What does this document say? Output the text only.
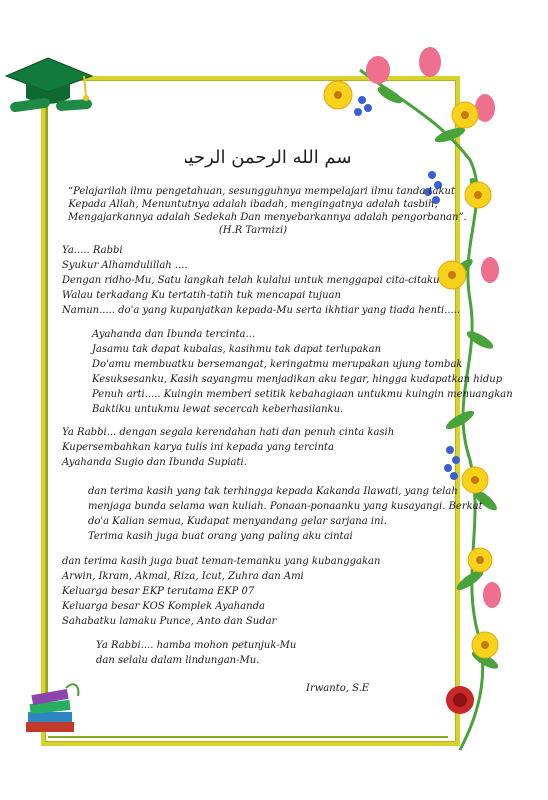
بسم الله الرحمن الرحيم
“Pelajarilah ilmu pengetahuan, sesungguhnya mempelajari ilmu tanda takut
Kepada Allah, Menuntutnya adalah ibadah, mengingatnya adalah tasbih,
Mengajarkannya adalah Sedekah Dan menyebarkannya adalah pengorbanan”.
(H.R Tarmizi)
Ya..... Rabbi
Syukur Alhamdulillah ....
Dengan ridho-Mu, Satu langkah telah kulalui untuk menggapai cita-citaku
Walau terkadang Ku tertatih-tatih tuk mencapai tujuan
Namun..... do'a yang kupanjatkan kepada-Mu serta ikhtiar yang tiada henti.....
Ayahanda dan Ibunda tercinta...
Jasamu tak dapat kubalas, kasihmu tak dapat terlupakan
Do'amu membuatku bersemangat, keringatmu merupakan ujung tombak
Kesuksesanku, Kasih sayangmu menjadikan aku tegar, hingga kudapatkan hidup
Penuh arti..... Kuingin memberi setitik kebahagiaan untukmu kuingin menuangkan
Baktiku untukmu lewat secercah keberhasilanku.
Ya Rabbi... dengan segala kerendahan hati dan penuh cinta kasih
Kupersembahkan karya tulis ini kepada yang tercinta
Ayahanda Sugio dan Ibunda Supiati.
dan terima kasih yang tak terhingga kepada Kakanda Ilawati, yang telah
menjaga bunda selama wan kuliah. Ponaan-ponaanku yang kusayangi. Berkat
do'a Kalian semua, Kudapat menyandang gelar sarjana ini.
Terima kasih juga buat orang yang paling aku cintai
dan terima kasih juga buat teman-temanku yang kubanggakan
Arwin, Ikram, Akmal, Riza, Icut, Zuhra dan Ami
Keluarga besar EKP terutama EKP 07
Keluarga besar KOS Komplek Ayahanda
Sahabatku lamaku Punce, Anto dan Sudar
Ya Rabbi.... hamba mohon petunjuk-Mu
dan selalu dalam lindungan-Mu.
Irwanto, S.E
